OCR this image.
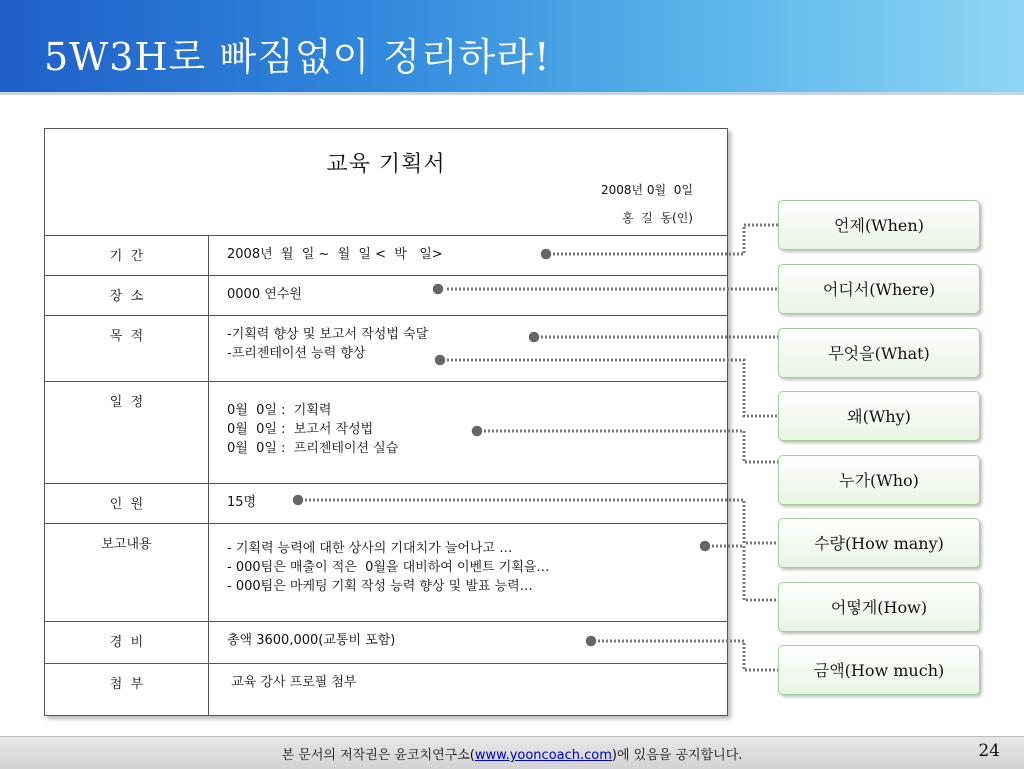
5W3H로 빠짐없이 정리하라!
교육 기획서
2008년 0월  0일
홍  길  동(인)
기  간	2008년  월  일 ~  월  일 <  박   일>
장  소	0000 연수원
목  적	-기획력 향상 및 보고서 작성법 숙달
-프리젠테이션 능력 향상
일  정
0월  0일 :  기획력
0월  0일 :  보고서 작성법
0월  0일 :  프리젠테이션 실습
인  원	15명
보고내용	- 기획력 능력에 대한 상사의 기대치가 늘어나고 …
- 000팀은 매출이 적은  0월을 대비하여 이벤트 기획을…
- 000팀은 마케팅 기획 작성 능력 향상 및 발표 능력…
경  비	총액 3600,000(교통비 포함)
첨  부	교육 강사 프로필 첨부
언제(When)
어디서(Where)
무엇을(What)
왜(Why)
누가(Who)
수량(How many)
어떻게(How)
금액(How much)
본 문서의 저작권은 윤코치연구소(www.yooncoach.com)에 있음을 공지합니다.	24
